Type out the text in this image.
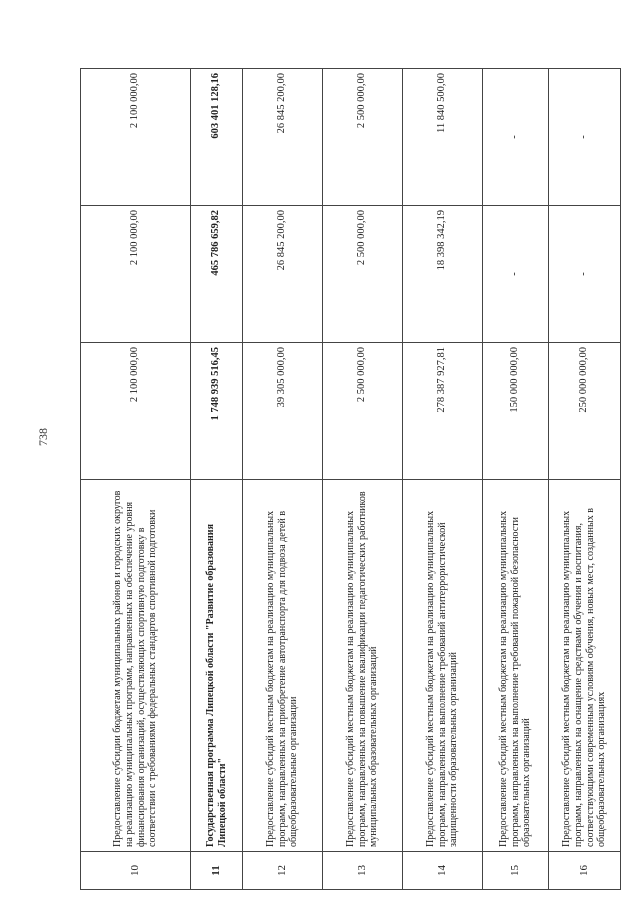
738
10	Предоставление субсидии бюджетам муниципальных районов и городских округов на реализацию муниципальных программ, направленных на обеспечение уровня финансирования организаций, осуществляющих спортивную подготовку в соответствии с требованиями федеральных стандартов спортивной подготовки	2 100 000,00	2 100 000,00	2 100 000,00
11	Государственная программа Липецкой области "Развитие образования Липецкой области"	1 748 939 516,45	465 786 659,82	603 401 128,16
12	Предоставление субсидий местным бюджетам на реализацию муниципальных программ, направленных на приобретение автотранспорта для подвоза детей в общеобразовательные организации	39 305 000,00	26 845 200,00	26 845 200,00
13	Предоставление субсидий местным бюджетам на реализацию муниципальных программ, направленных на повышение квалификации педагогических работников муниципальных образовательных организаций	2 500 000,00	2 500 000,00	2 500 000,00
14	Предоставление субсидий местным бюджетам на реализацию муниципальных программ, направленных на выполнение требований антитеррористической защищенности образовательных организаций	278 387 927,81	18 398 342,19	11 840 500,00
15	Предоставление субсидий местным бюджетам на реализацию муниципальных программ, направленных на выполнение требований пожарной безопасности образовательных организаций	150 000 000,00	-	-
16	Предоставление субсидий местным бюджетам на реализацию муниципальных программ, направленных на оснащение средствами обучения и воспитания, соответствующими современным условиям обучения, новых мест, созданных в общеобразовательных организациях	250 000 000,00	-	-
